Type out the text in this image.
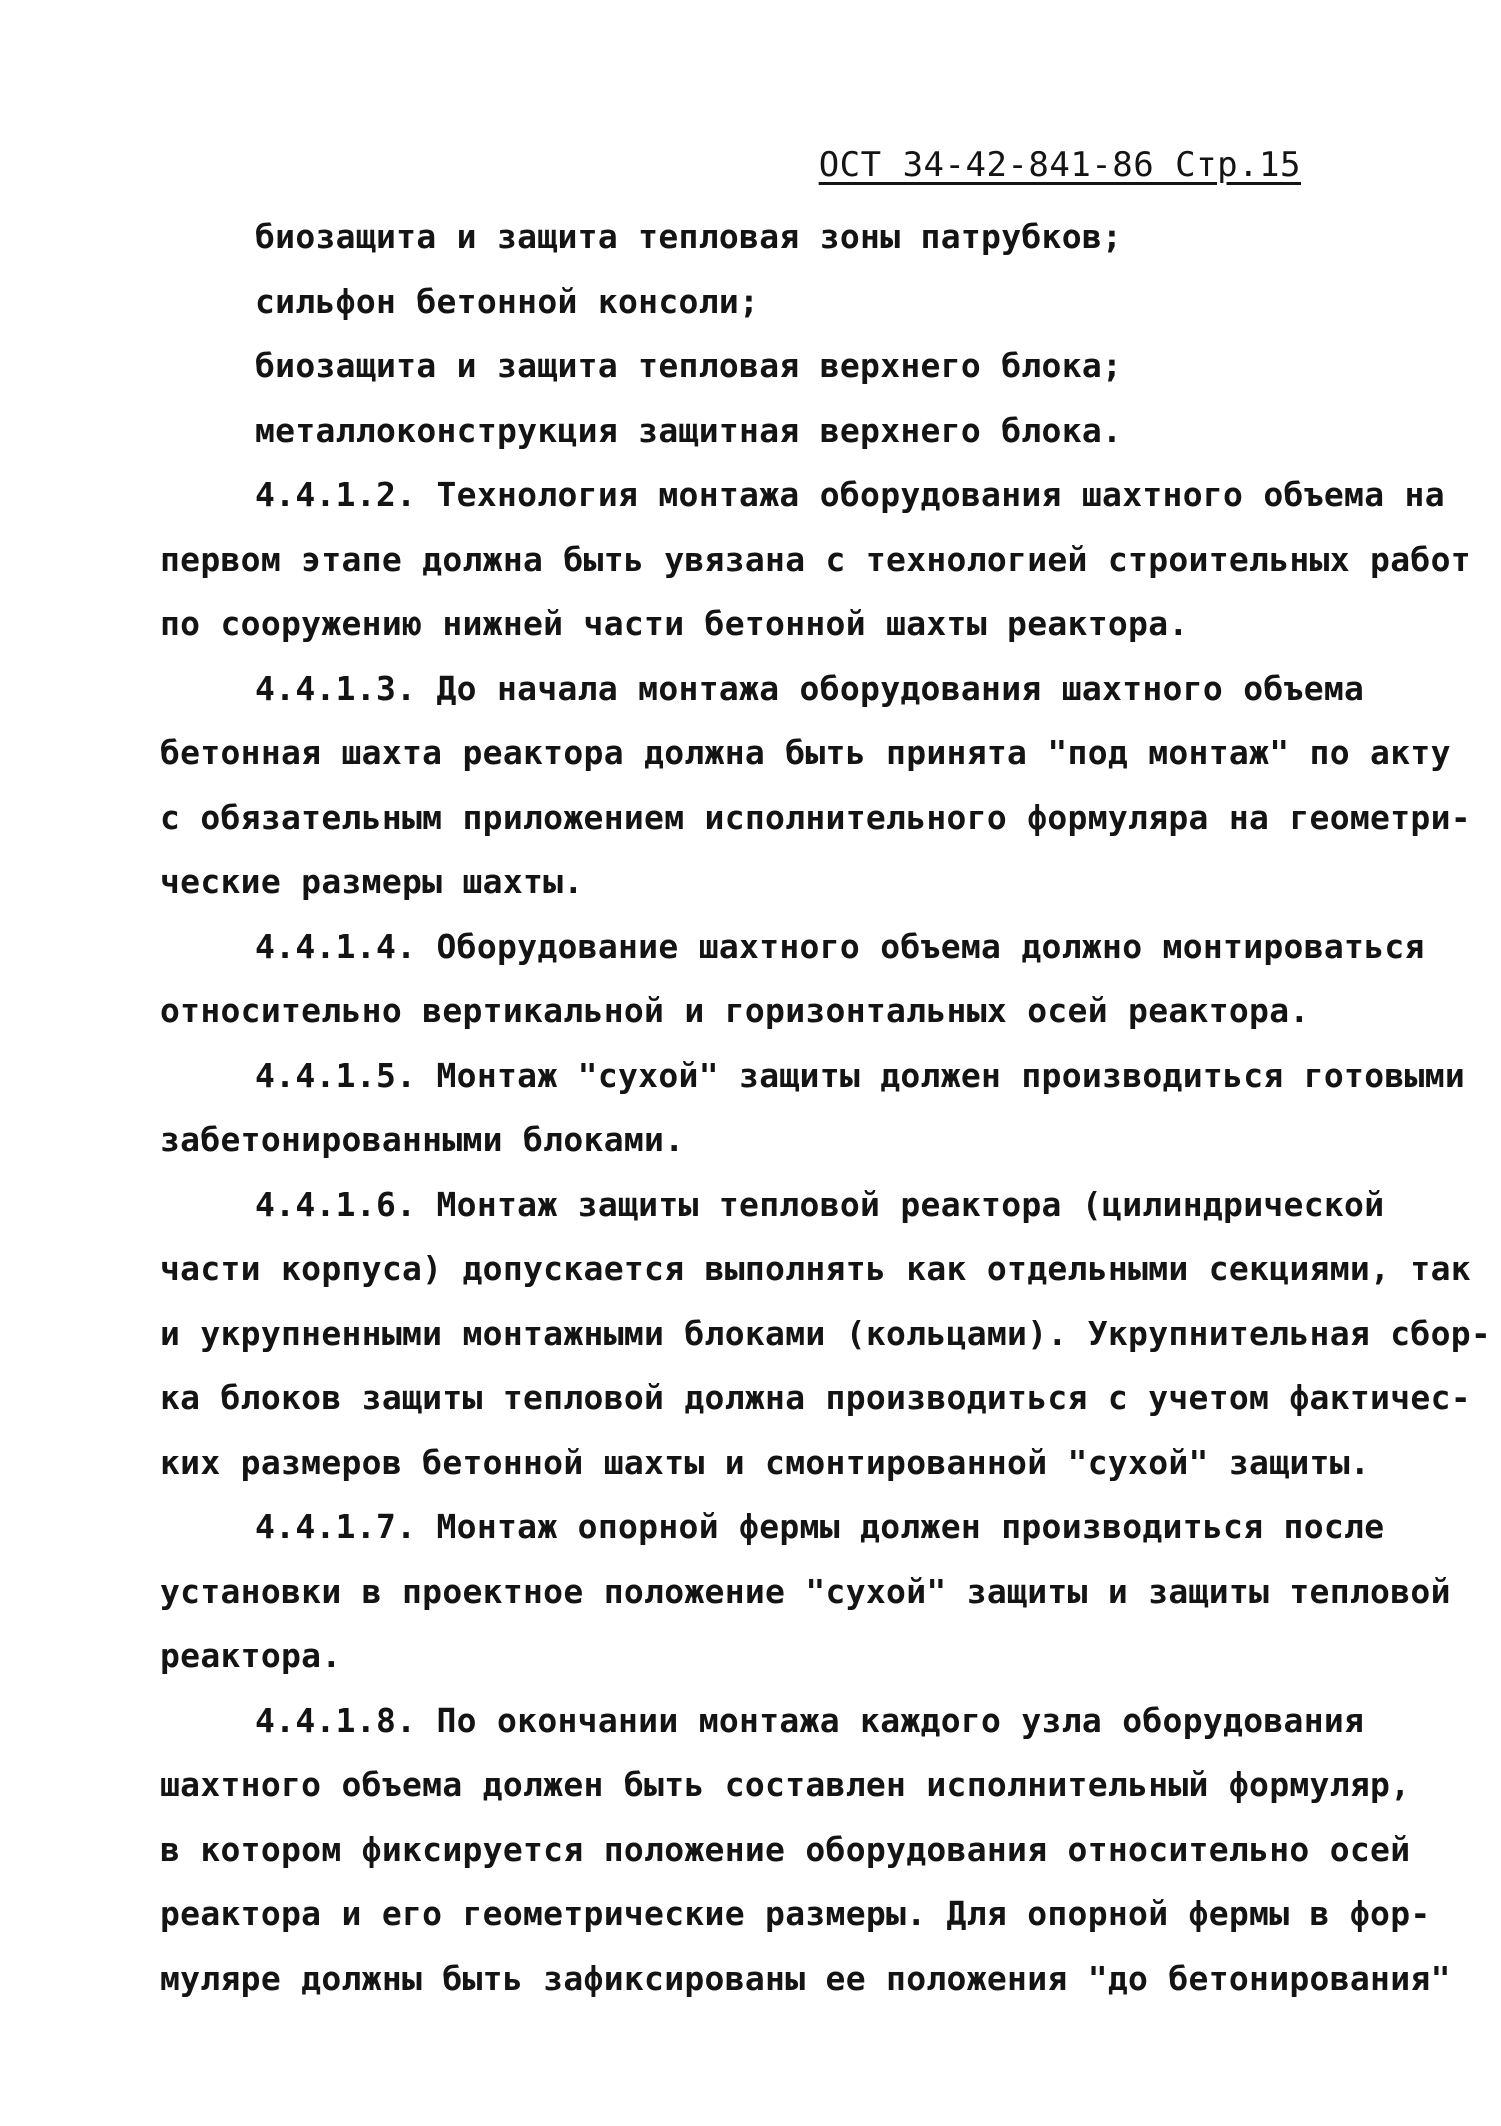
ОСТ 34-42-841-86 Стр.15
биозащита и защита тепловая зоны патрубков;
сильфон бетонной консоли;
биозащита и защита тепловая верхнего блока;
металлоконструкция защитная верхнего блока.
4.4.1.2. Технология монтажа оборудования шахтного объема на
первом этапе должна быть увязана с технологией строительных работ
по сооружению нижней части бетонной шахты реактора.
4.4.1.3. До начала монтажа оборудования шахтного объема
бетонная шахта реактора должна быть принята "под монтаж" по акту
с обязательным приложением исполнительного формуляра на геометри-
ческие размеры шахты.
4.4.1.4. Оборудование шахтного объема должно монтироваться
относительно вертикальной и горизонтальных осей реактора.
4.4.1.5. Монтаж "сухой" защиты должен производиться готовыми
забетонированными блоками.
4.4.1.6. Монтаж защиты тепловой реактора (цилиндрической
части корпуса) допускается выполнять как отдельными секциями, так
и укрупненными монтажными блоками (кольцами). Укрупнительная сбор-
ка блоков защиты тепловой должна производиться с учетом фактичес-
ких размеров бетонной шахты и смонтированной "сухой" защиты.
4.4.1.7. Монтаж опорной фермы должен производиться после
установки в проектное положение "сухой" защиты и защиты тепловой
реактора.
4.4.1.8. По окончании монтажа каждого узла оборудования
шахтного объема должен быть составлен исполнительный формуляр,
в котором фиксируется положение оборудования относительно осей
реактора и его геометрические размеры. Для опорной фермы в фор-
муляре должны быть зафиксированы ее положения "до бетонирования"
